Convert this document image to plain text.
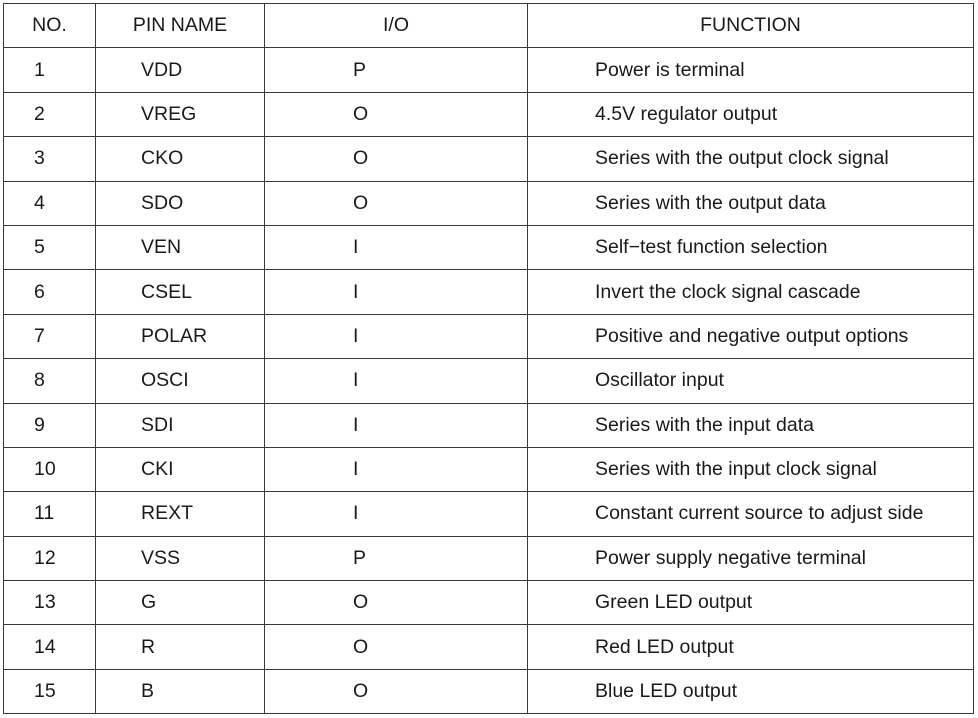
NO.	PIN NAME	I/O	FUNCTION
1	VDD	P	Power is terminal
2	VREG	O	4.5V regulator output
3	CKO	O	Series with the output clock signal
4	SDO	O	Series with the output data
5	VEN	I	Self−test function selection
6	CSEL	I	Invert the clock signal cascade
7	POLAR	I	Positive and negative output options
8	OSCI	I	Oscillator input
9	SDI	I	Series with the input data
10	CKI	I	Series with the input clock signal
11	REXT	I	Constant current source to adjust side
12	VSS	P	Power supply negative terminal
13	G	O	Green LED output
14	R	O	Red LED output
15	B	O	Blue LED output
